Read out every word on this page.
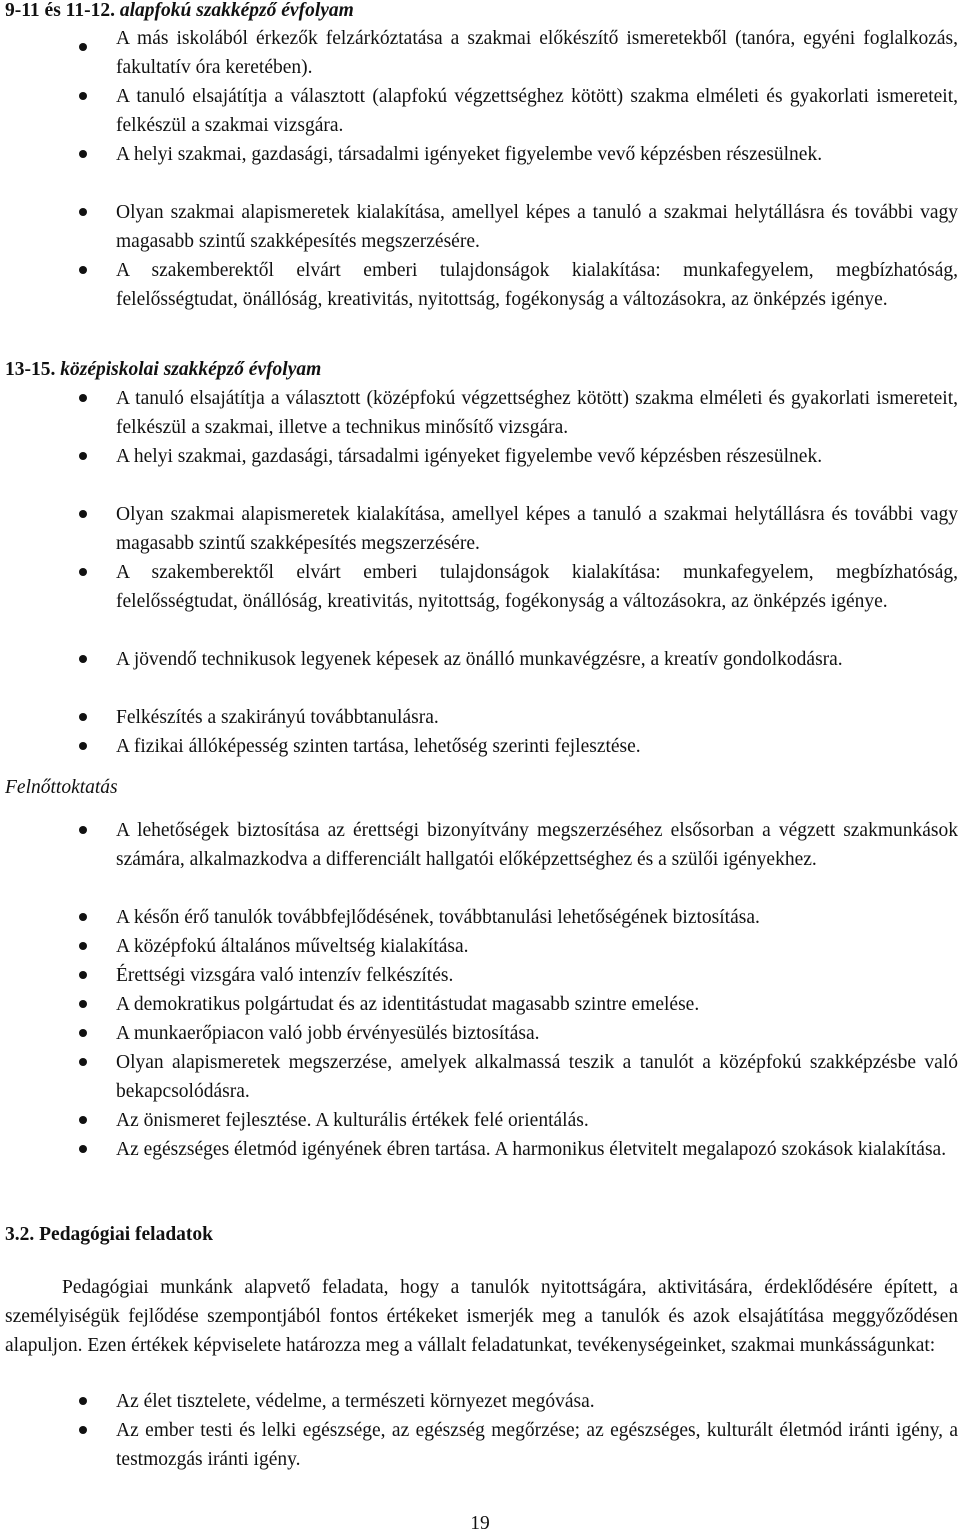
9-11 és 11-12. alapfokú szakképző évfolyam
A más iskolából érkezők felzárkóztatása a szakmai előkészítő ismeretekből (tanóra, egyéni foglalkozás, fakultatív óra keretében).
A tanuló elsajátítja a választott (alapfokú végzettséghez kötött) szakma elméleti és gyakorlati ismereteit, felkészül a szakmai vizsgára.
A helyi szakmai, gazdasági, társadalmi igényeket figyelembe vevő képzésben részesülnek.
Olyan szakmai alapismeretek kialakítása, amellyel képes a tanuló a szakmai helytállásra és további vagy magasabb szintű szakképesítés megszerzésére.
A szakemberektől elvárt emberi tulajdonságok kialakítása: munkafegyelem, megbízhatóság, felelősségtudat, önállóság, kreativitás, nyitottság, fogékonyság a változásokra, az önképzés igénye.
13-15. középiskolai szakképző évfolyam
A tanuló elsajátítja a választott (középfokú végzettséghez kötött) szakma elméleti és gyakorlati ismereteit, felkészül a szakmai, illetve a technikus minősítő vizsgára.
A helyi szakmai, gazdasági, társadalmi igényeket figyelembe vevő képzésben részesülnek.
Olyan szakmai alapismeretek kialakítása, amellyel képes a tanuló a szakmai helytállásra és további vagy magasabb szintű szakképesítés megszerzésére.
A szakemberektől elvárt emberi tulajdonságok kialakítása: munkafegyelem, megbízhatóság, felelősségtudat, önállóság, kreativitás, nyitottság, fogékonyság a változásokra, az önképzés igénye.
A jövendő technikusok legyenek képesek az önálló munkavégzésre, a kreatív gondolkodásra.
Felkészítés a szakirányú továbbtanulásra.
A fizikai állóképesség szinten tartása, lehetőség szerinti fejlesztése.
Felnőttoktatás
A lehetőségek biztosítása az érettségi bizonyítvány megszerzéséhez elsősorban a végzett szakmunkások számára, alkalmazkodva a differenciált hallgatói előképzettséghez és a szülői igényekhez.
A későn érő tanulók továbbfejlődésének, továbbtanulási lehetőségének biztosítása.
A középfokú általános műveltség kialakítása.
Érettségi vizsgára való intenzív felkészítés.
A demokratikus polgártudat és az identitástudat magasabb szintre emelése.
A munkaerőpiacon való jobb érvényesülés biztosítása.
Olyan alapismeretek megszerzése, amelyek alkalmassá teszik a tanulót a középfokú szakképzésbe való bekapcsolódásra.
Az önismeret fejlesztése. A kulturális értékek felé orientálás.
Az egészséges életmód igényének ébren tartása. A harmonikus életvitelt megalapozó szokások kialakítása.
3.2. Pedagógiai feladatok
Pedagógiai munkánk alapvető feladata, hogy a tanulók nyitottságára, aktivitására, érdeklődésére épített, a személyiségük fejlődése szempontjából fontos értékeket ismerjék meg a tanulók és azok elsajátítása meggyőződésen alapuljon. Ezen értékek képviselete határozza meg a vállalt feladatunkat, tevékenységeinket, szakmai munkásságunkat:
Az élet tisztelete, védelme, a természeti környezet megóvása.
Az ember testi és lelki egészsége, az egészség megőrzése; az egészséges, kulturált életmód iránti igény, a testmozgás iránti igény.
19
